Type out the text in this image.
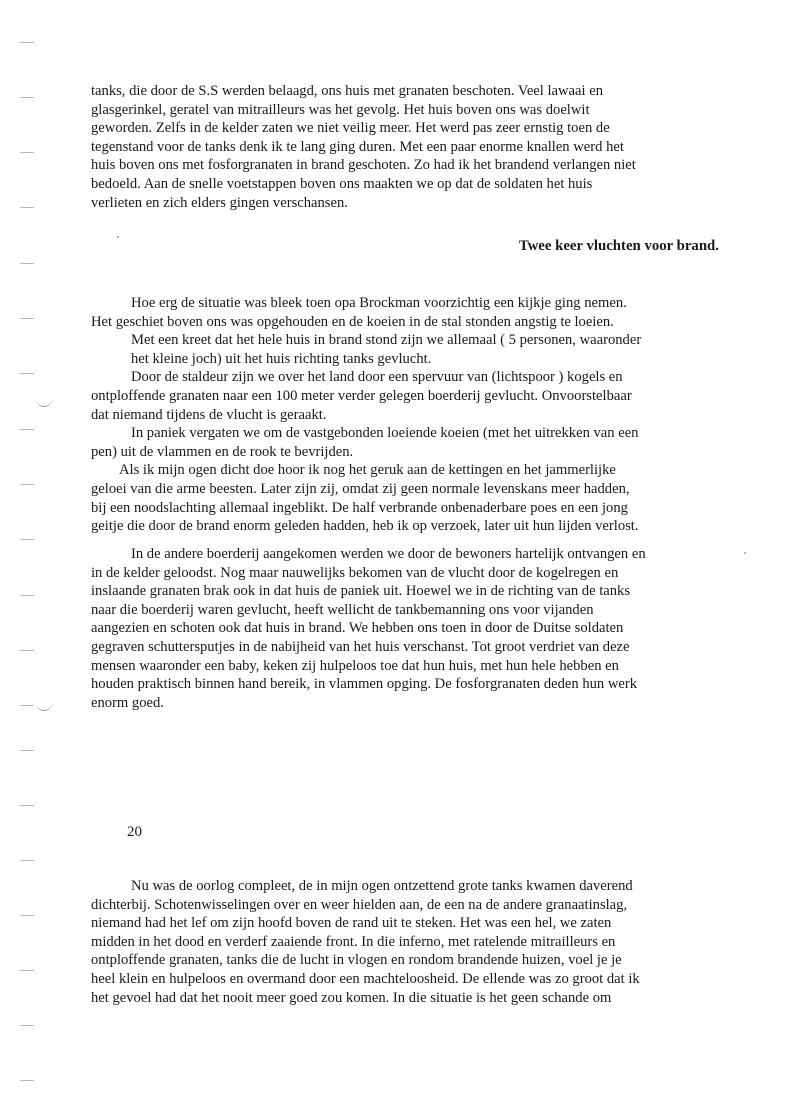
tanks, die door de S.S werden belaagd, ons huis met granaten beschoten. Veel lawaai en
glasgerinkel, geratel van mitrailleurs was het gevolg. Het huis boven ons was doelwit
geworden. Zelfs in de kelder zaten we niet veilig meer. Het werd pas zeer ernstig toen de
tegenstand voor de tanks denk ik te lang ging duren. Met een paar enorme knallen werd het
huis boven ons met fosforgranaten in brand geschoten. Zo had ik het brandend verlangen niet
bedoeld. Aan de snelle voetstappen boven ons maakten we op dat de soldaten het huis
verlieten en zich elders gingen verschansen.

Twee keer vluchten voor brand.

Hoe erg de situatie was bleek toen opa Brockman voorzichtig een kijkje ging nemen.
Het geschiet boven ons was opgehouden en de koeien in de stal stonden angstig te loeien.
Met een kreet dat het hele huis in brand stond zijn we allemaal ( 5 personen, waaronder
het kleine joch) uit het huis richting tanks gevlucht.
Door de staldeur zijn we over het land door een spervuur van (lichtspoor ) kogels en
ontploffende granaten naar een 100 meter verder gelegen boerderij gevlucht. Onvoorstelbaar
dat niemand tijdens de vlucht is geraakt.
In paniek vergaten we om de vastgebonden loeiende koeien (met het uitrekken van een
pen) uit de vlammen en de rook te bevrijden.
Als ik mijn ogen dicht doe hoor ik nog het geruk aan de kettingen en het jammerlijke
geloei van die arme beesten. Later zijn zij, omdat zij geen normale levenskans meer hadden,
bij een noodslachting allemaal ingeblikt. De half verbrande onbenaderbare poes en een jong
geitje die door de brand enorm geleden hadden, heb ik op verzoek, later uit hun lijden verlost.

In de andere boerderij aangekomen werden we door de bewoners hartelijk ontvangen en
in de kelder geloodst. Nog maar nauwelijks bekomen van de vlucht door de kogelregen en
inslaande granaten brak ook in dat huis de paniek uit. Hoewel we in de richting van de tanks
naar die boerderij waren gevlucht, heeft wellicht de tankbemanning ons voor vijanden
aangezien en schoten ook dat huis in brand. We hebben ons toen in door de Duitse soldaten
gegraven schuttersputjes in de nabijheid van het huis verschanst. Tot groot verdriet van deze
mensen waaronder een baby, keken zij hulpeloos toe dat hun huis, met hun hele hebben en
houden praktisch binnen hand bereik, in vlammen opging. De fosforgranaten deden hun werk
enorm goed.

20

Nu was de oorlog compleet, de in mijn ogen ontzettend grote tanks kwamen daverend
dichterbij. Schotenwisselingen over en weer hielden aan, de een na de andere granaatinslag,
niemand had het lef om zijn hoofd boven de rand uit te steken. Het was een hel, we zaten
midden in het dood en verderf zaaiende front. In die inferno, met ratelende mitrailleurs en
ontploffende granaten, tanks die de lucht in vlogen en rondom brandende huizen, voel je je
heel klein en hulpeloos en overmand door een machteloosheid. De ellende was zo groot dat ik
het gevoel had dat het nooit meer goed zou komen. In die situatie is het geen schande om
